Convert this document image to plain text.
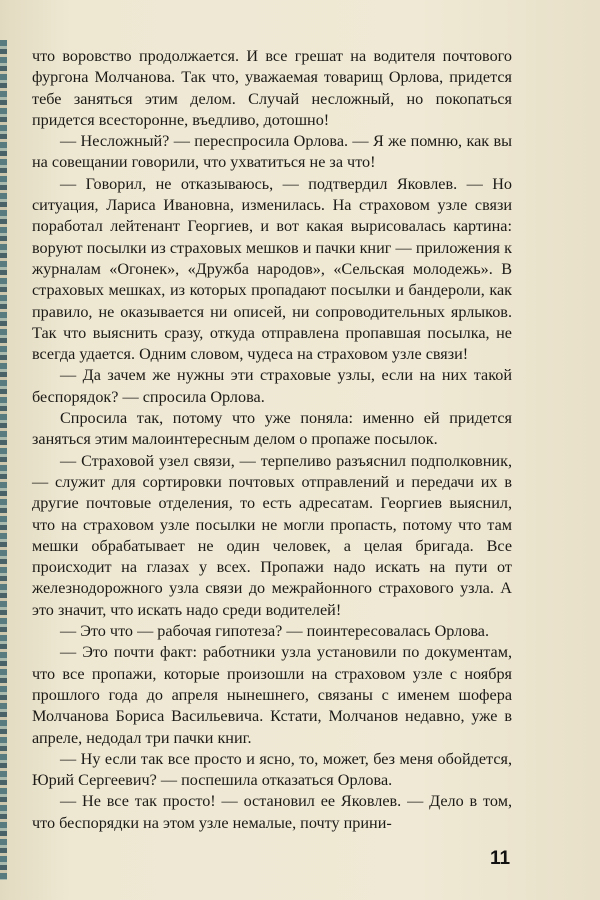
что воровство продолжается. И все грешат на водителя почтового фургона Молчанова. Так что, уважаемая товарищ Орлова, придется тебе заняться этим делом. Случай несложный, но покопаться придется всесторонне, въедливо, дотошно!

— Несложный? — переспросила Орлова. — Я же помню, как вы на совещании говорили, что ухватиться не за что!

— Говорил, не отказываюсь, — подтвердил Яковлев. — Но ситуация, Лариса Ивановна, изменилась. На страховом узле связи поработал лейтенант Георгиев, и вот какая вырисовалась картина: воруют посылки из страховых мешков и пачки книг — приложения к журналам «Огонек», «Дружба народов», «Сельская молодежь». В страховых мешках, из которых пропадают посылки и бандероли, как правило, не оказывается ни описей, ни сопроводительных ярлыков. Так что выяснить сразу, откуда отправлена пропавшая посылка, не всегда удается. Одним словом, чудеса на страховом узле связи!

— Да зачем же нужны эти страховые узлы, если на них такой беспорядок? — спросила Орлова.

Спросила так, потому что уже поняла: именно ей придется заняться этим малоинтересным делом о пропаже посылок.

— Страховой узел связи, — терпеливо разъяснил подполковник, — служит для сортировки почтовых отправлений и передачи их в другие почтовые отделения, то есть адресатам. Георгиев выяснил, что на страховом узле посылки не могли пропасть, потому что там мешки обрабатывает не один человек, а целая бригада. Все происходит на глазах у всех. Пропажи надо искать на пути от железнодорожного узла связи до межрайонного страхового узла. А это значит, что искать надо среди водителей!

— Это что — рабочая гипотеза? — поинтересовалась Орлова.

— Это почти факт: работники узла установили по документам, что все пропажи, которые произошли на страховом узле с ноября прошлого года до апреля нынешнего, связаны с именем шофера Молчанова Бориса Васильевича. Кстати, Молчанов недавно, уже в апреле, недодал три пачки книг.

— Ну если так все просто и ясно, то, может, без меня обойдется, Юрий Сергеевич? — поспешила отказаться Орлова.

— Не все так просто! — остановил ее Яковлев. — Дело в том, что беспорядки на этом узле немалые, почту прини-

11
